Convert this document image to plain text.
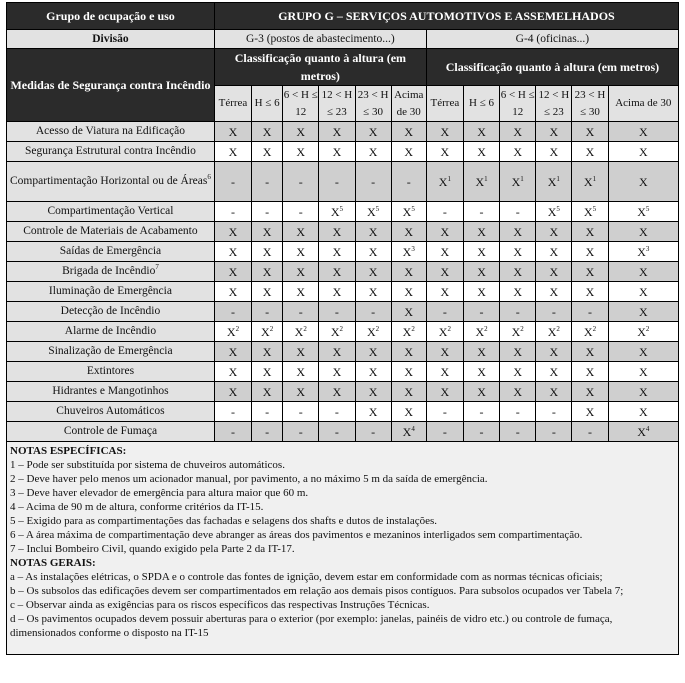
Grupo de ocupação e uso	GRUPO G – SERVIÇOS AUTOMOTIVOS E ASSEMELHADOS											
Divisão	G-3 (postos de abastecimento...)						G-4 (oficinas...)					
Medidas de Segurança contra Incêndio	Classificação quanto à altura (em metros)						Classificação quanto à altura (em metros)					
	Térrea	H ≤ 6	6 < H ≤ 12	12 < H ≤ 23	23 < H ≤ 30	Acima de 30	Térrea	H ≤ 6	6 < H ≤ 12	12 < H ≤ 23	23 < H ≤ 30	Acima de 30
Acesso de Viatura na Edificação	X	X	X	X	X	X	X	X	X	X	X	X
Segurança Estrutural contra Incêndio	X	X	X	X	X	X	X	X	X	X	X	X
Compartimentação Horizontal ou de Áreas$^6$	-	-	-	-	-	-	$X^1$	$X^1$	$X^1$	$X^1$	$X^1$	X
Compartimentação Vertical	-	-	-	$X^5$	$X^5$	$X^5$	-	-	-	$X^5$	$X^5$	$X^5$
Controle de Materiais de Acabamento	X	X	X	X	X	X	X	X	X	X	X	X
Saídas de Emergência	X	X	X	X	X	$X^3$	X	X	X	X	X	$X^3$
Brigada de Incêndio$^7$	X	X	X	X	X	X	X	X	X	X	X	X
Iluminação de Emergência	X	X	X	X	X	X	X	X	X	X	X	X
Detecção de Incêndio	-	-	-	-	-	X	-	-	-	-	-	X
Alarme de Incêndio	$X^2$	$X^2$	$X^2$	$X^2$	$X^2$	$X^2$	$X^2$	$X^2$	$X^2$	$X^2$	$X^2$	$X^2$
Sinalização de Emergência	X	X	X	X	X	X	X	X	X	X	X	X
Extintores	X	X	X	X	X	X	X	X	X	X	X	X
Hidrantes e Mangotinhos	X	X	X	X	X	X	X	X	X	X	X	X
Chuveiros Automáticos	-	-	-	-	X	X	-	-	-	-	X	X
Controle de Fumaça	-	-	-	-	-	$X^4$	-	-	-	-	-	$X^4$
NOTAS ESPECÍFICAS:
1 – Pode ser substituída por sistema de chuveiros automáticos.
2 – Deve haver pelo menos um acionador manual, por pavimento, a no máximo 5 m da saída de emergência.
3 – Deve haver elevador de emergência para altura maior que 60 m.
4 – Acima de 90 m de altura, conforme critérios da IT-15.
5 – Exigido para as compartimentações das fachadas e selagens dos shafts e dutos de instalações.
6 – A área máxima de compartimentação deve abranger as áreas dos pavimentos e mezaninos interligados sem compartimentação.
7 – Inclui Bombeiro Civil, quando exigido pela Parte 2 da IT-17.
NOTAS GERAIS:
a – As instalações elétricas, o SPDA e o controle das fontes de ignição, devem estar em conformidade com as normas técnicas oficiais;
b – Os subsolos das edificações devem ser compartimentados em relação aos demais pisos contíguos. Para subsolos ocupados ver Tabela 7;
c – Observar ainda as exigências para os riscos específicos das respectivas Instruções Técnicas.
d – Os pavimentos ocupados devem possuir aberturas para o exterior (por exemplo: janelas, painéis de vidro etc.) ou controle de fumaça, dimensionados conforme o disposto na IT-15
